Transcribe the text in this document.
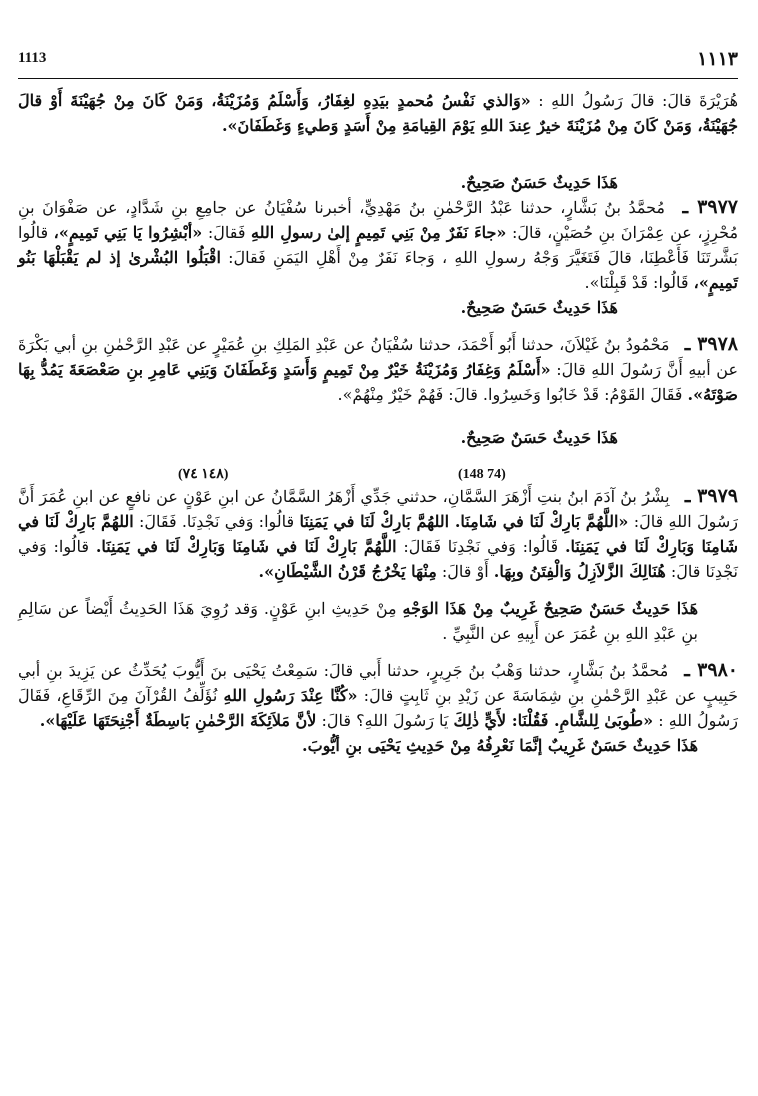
1113	١١١٣

هُرَيْرَةَ قالَ: قالَ رَسُولُ اللهِ : «وَالذي نَفْسُ مُحمدٍ بيَدِهِ لغِفَارُ، وَأَسْلَمُ وَمُزَيْنَةُ، وَمَنْ كَانَ مِنْ جُهَيْنَةَ أَوْ قالَ جُهَيْنَةُ، وَمَنْ كَانَ مِنْ مُزَيْنَةَ خيرٌ عِندَ اللهِ يَوْمَ القِيامَةِ مِنْ أَسَدٍ وَطيءٍ وَغَطَفَانَ».

هَذَا حَدِيثٌ حَسَنٌ صَحِيحٌ.

٣٩٧٧ ـ مُحمَّدُ بنُ بَشَّارٍ، حدثنا عَبْدُ الرَّحْمٰنِ بنُ مَهْدِيٍّ، أخبرنا سُفْيَانُ عن جامِعِ بنِ شَدَّادٍ، عن صَفْوَانَ بنِ مُحْرِزٍ، عن عِمْرَانَ بنِ حُصَيْنٍ، قالَ: «جاءَ نَفَرٌ مِنْ بَنِي تَمِيمٍ إلىٰ رسولِ اللهِ فَقالَ: «أبْشِرُوا يَا بَنِي تَمِيمٍ»، قالُوا بَشَّرتَنَا فَأَعْطِنَا، قالَ فَتَغَيَّرَ وَجْهُ رسولِ اللهِ ، وَجاءَ نَفَرٌ مِنْ أَهْلِ اليَمَنِ فَقالَ: اقْبَلُوا البُشْرىٰ إذ لم يَقْبَلْهَا بَنُو تَمِيمٍ»، قَالُوا: قَدْ قَبِلْنَا».

هَذَا حَدِيثٌ حَسَنٌ صَحِيحٌ.

٣٩٧٨ ـ مَحْمُودُ بنُ غَيْلاَنَ، حدثنا أَبُو أَحْمَدَ، حدثنا سُفْيَانُ عن عَبْدِ المَلِكِ بنِ عُمَيْرٍ عن عَبْدِ الرَّحْمٰنِ بنِ أبي بَكْرَةَ عن أبيهِ أَنَّ رَسُولَ اللهِ قالَ: «أَسْلَمُ وَغِفَارُ وَمُزَيْنَةُ خَيْرٌ مِنْ تَمِيمٍ وَأَسَدٍ وَغَطَفَانَ وَبَنِي عَامِرِ بنِ صَعْصَعَةَ يَمُدُّ بِهَا صَوْتَهُ». فَقَالَ القَوْمُ: قَدْ خَابُوا وَخَسِرُوا. قالَ: فَهُمْ خَيْرٌ مِنْهُمْ».

هَذَا حَدِيثٌ حَسَنٌ صَحِيحٌ.

(١٤٨ ٧٤)	(148 74)

٣٩٧٩ ـ بِشْرُ بنُ آدَمَ ابنُ بنتِ أَزْهَرَ السَّمَّانِ، حدثني جَدِّي أَزْهَرُ السَّمَّانُ عن ابنِ عَوْنٍ عن نافعٍ عن ابنِ عُمَرَ أَنَّ رَسُولَ اللهِ قالَ: «اللَّهُمَّ بَارِكْ لَنَا في شَامِنَا. اللهُمَّ بَارِكْ لَنَا في يَمَنِنَا قالُوا: وَفي نَجْدِنَا. فَقَالَ: اللهُمَّ بَارِكْ لَنَا في شَامِنَا وَبَارِكْ لَنَا في يَمَنِنَا. قَالُوا: وَفي نَجْدِنَا فَقَالَ: اللَّهُمَّ بَارِكْ لَنَا في شَامِنَا وَبَارِكْ لَنَا في يَمَنِنَا. قالُوا: وَفي نَجْدِنَا قالَ: هُنَالِكَ الزَّلاَزِلُ وَالْفِتَنُ وبِهَا. أَوْ قالَ: مِنْهَا يَخْرُجُ قَرْنُ الشَّيْطَانِ».

هَذَا حَدِيثٌ حَسَنٌ صَحِيحٌ غَرِيبٌ مِنْ هَذَا الوَجْهِ مِنْ حَدِيثِ ابنِ عَوْنٍ. وَقد رُوِيَ هَذَا الحَدِيثُ أَيْضاً عن سَالِمِ بنِ عَبْدِ اللهِ بنِ عُمَرَ عن أَبِيهِ عن النَّبِيِّ .

٣٩٨٠ ـ مُحمَّدُ بنُ بَشَّارٍ، حدثنا وَهْبُ بنُ جَرِيرٍ، حدثنا أَبي قالَ: سَمِعْتُ يَحْيَى بنَ أَيُّوبَ يُحَدِّثُ عن يَزِيدَ بنِ أبي حَبِيبٍ عن عَبْدِ الرَّحْمٰنِ بنِ شِمَاسَةَ عن زَيْدِ بنِ ثَابِتٍ قالَ: «كُنَّا عِنْدَ رَسُولِ اللهِ نُؤَلِّفُ القُرْآنَ مِنَ الرِّقَاعِ، فَقَالَ رَسُولُ اللهِ : «طُوبَىٰ لِلشَّامِ. فَقُلْنَا: لأَيٍّ ذٰلِكَ يَا رَسُولَ اللهِ؟ قالَ: لأنَّ مَلاَئِكَةَ الرَّحْمٰنِ بَاسِطَةٌ أَجْنِحَتَهَا عَلَيْهَا».

هَذَا حَدِيثٌ حَسَنٌ غَرِيبٌ إنَّمَا نَعْرِفُهُ مِنْ حَدِيثِ يَحْيَى بنِ أيُّوبَ.
